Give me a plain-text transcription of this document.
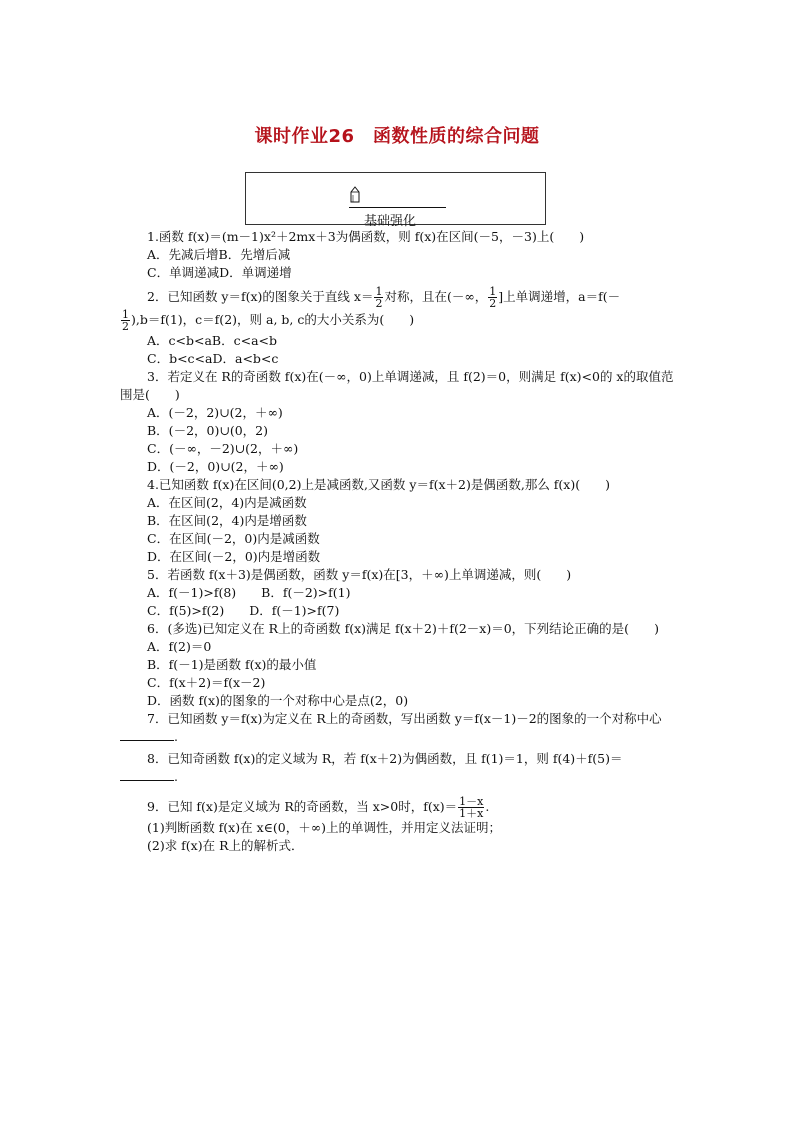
课时作业26　函数性质的综合问题
基础强化

1.函数 f(x)＝(m－1)x²＋2mx＋3为偶函数，则 f(x)在区间(－5，－3)上(　　)

A．先减后增B．先增后减

C．单调递减D．单调递增

2．已知函数 y＝f(x)的图象关于直线 $x= \frac{1}{2}$ 对称，且在(－∞， $\frac{1}{2}$ ]上单调递增，a＝f(－

$\frac{1}{2} ),b=f(1)$，c＝f(2)，则 a, b, c的大小关系为(　　)

A．c<b<aB．c<a<b

C．b<c<aD．a<b<c

3．若定义在 R的奇函数 f(x)在(－∞，0)上单调递减，且 f(2)＝0，则满足 f(x)<0的 x的取值范围是(　　)

A．(－2，2)∪(2，＋∞)

B．(－2，0)∪(0，2)

C．(－∞，－2)∪(2，＋∞)

D．(－2，0)∪(2，＋∞)

4.已知函数 f(x)在区间(0,2)上是减函数,又函数 y＝f(x＋2)是偶函数,那么 f(x)(　　)

A．在区间(2，4)内是减函数

B．在区间(2，4)内是增函数

C．在区间(－2，0)内是减函数

D．在区间(－2，0)内是增函数

5．若函数 f(x＋3)是偶函数，函数 y＝f(x)在[3，＋∞)上单调递减，则(　　)

A．f(－1)>f(8)　　B．f(－2)>f(1)

C．f(5)>f(2)　　D．f(－1)>f(7)

6．(多选)已知定义在 R上的奇函数 f(x)满足 f(x＋2)＋f(2－x)＝0，下列结论正确的是(　　)

A．f(2)＝0

B．f(－1)是函数 f(x)的最小值

C．f(x＋2)＝f(x－2)

D．函数 f(x)的图象的一个对称中心是点(2，0)

7．已知函数 y＝f(x)为定义在 R上的奇函数，写出函数 y＝f(x－1)－2的图象的一个对称中心.

8．已知奇函数 f(x)的定义域为 R，若 f(x＋2)为偶函数，且 f(1)＝1，则 f(4)＋f(5)＝

.

9．已知 f(x)是定义域为 R的奇函数，当 x>0时，$f(x)= \frac{1-x}{1+x}$ .

(1)判断函数 f(x)在 x∈(0，＋∞)上的单调性，并用定义法证明；

(2)求 f(x)在 R上的解析式．
